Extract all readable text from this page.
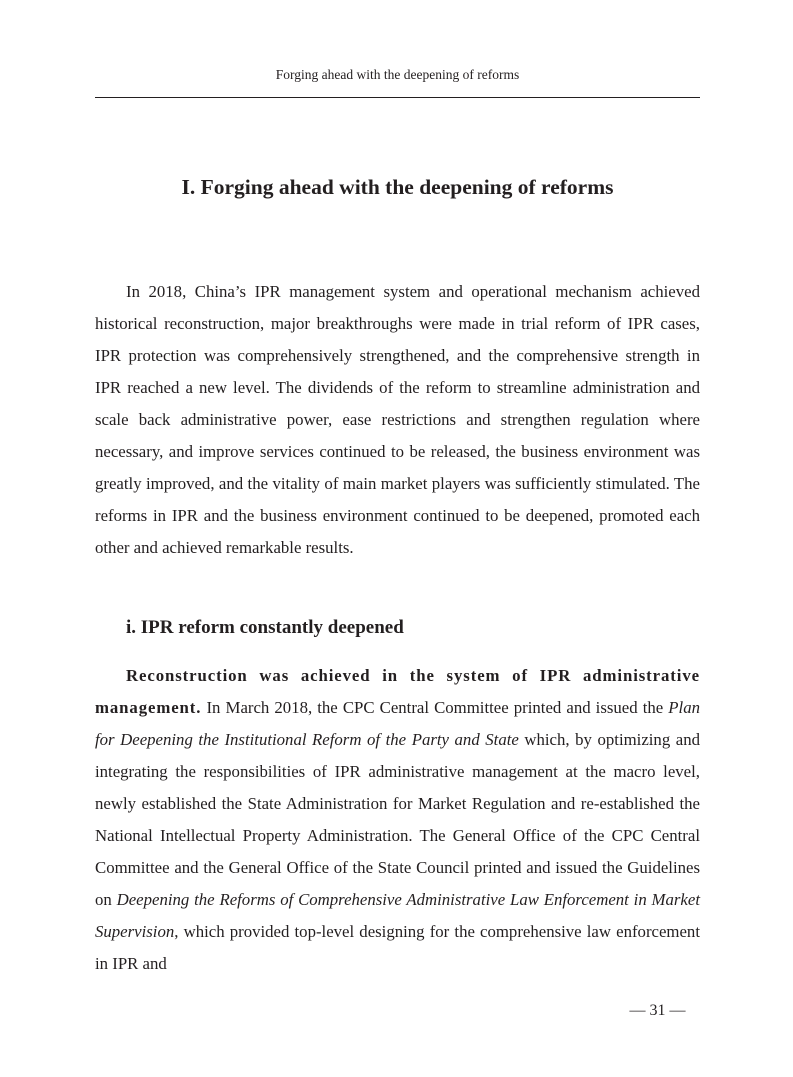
Forging ahead with the deepening of reforms
I. Forging ahead with the deepening of reforms

In 2018, China’s IPR management system and operational mechanism achieved historical reconstruction, major breakthroughs were made in trial reform of IPR cases, IPR protection was comprehensively strengthened, and the comprehensive strength in IPR reached a new level. The dividends of the reform to streamline administration and scale back administrative power, ease restrictions and strengthen regulation where necessary, and improve services continued to be released, the business environment was greatly improved, and the vitality of main market players was sufficiently stimulated. The reforms in IPR and the business environment continued to be deepened, promoted each other and achieved remarkable results.

i. IPR reform constantly deepened

Reconstruction was achieved in the system of IPR administrative management. In March 2018, the CPC Central Committee printed and issued the Plan for Deepening the Institutional Reform of the Party and State which, by optimizing and integrating the responsibilities of IPR administrative management at the macro level, newly established the State Administration for Market Regulation and re-established the National Intellectual Property Administration. The General Office of the CPC Central Committee and the General Office of the State Council printed and issued the Guidelines on Deepening the Reforms of Comprehensive Administrative Law Enforcement in Market Supervision, which provided top-level designing for the comprehensive law enforcement in IPR and

— 31 —
